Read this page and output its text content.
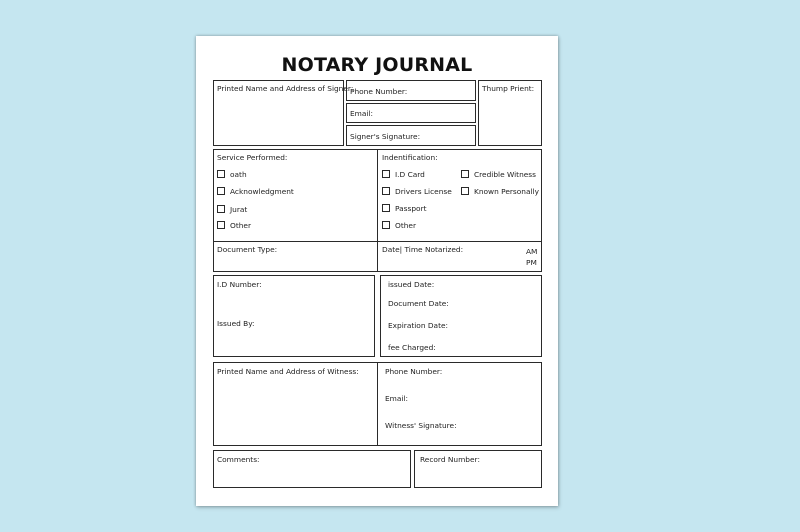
NOTARY JOURNAL
Printed Name and Address of Signer:
Phone Number:
Email:
Signer's Signature:
Thump Prient:
Service Performed:
oath
Acknowledgment
Jurat
Other
Indentification:
I.D Card
Drivers License
Passport
Other
Credible Witness
Known Personally
Document Type:	Date| Time Notarized:	AM
PM
I.D Number:
Issued By:
issued Date:
Document Date:
Expiration Date:
fee Charged:
Printed Name and Address of Witness:	Phone Number:
Email:
Witness' Signature:
Comments:	Record Number:
